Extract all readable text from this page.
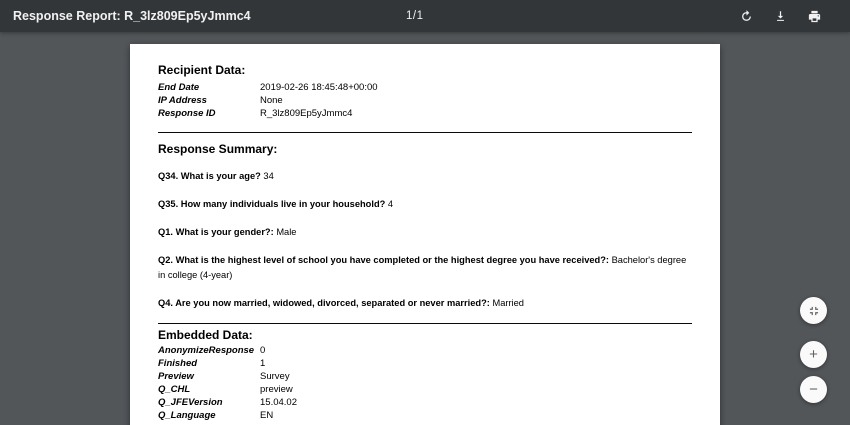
Response Report: R_3lz809Ep5yJmmc4	1/1
Recipient Data:
End Date	2019-02-26 18:45:48+00:00
IP Address	None
Response ID	R_3lz809Ep5yJmmc4
Response Summary:

Q34. What is your age? 34

Q35. How many individuals live in your household? 4

Q1. What is your gender?: Male

Q2. What is the highest level of school you have completed or the highest degree you have received?: Bachelor's degree in college (4-year)

Q4. Are you now married, widowed, divorced, separated or never married?: Married

Embedded Data:
AnonymizeResponse 0
Finished	1
Preview	Survey
Q_CHL	preview
Q_JFEVersion	15.04.02
Q_Language	EN
+
−
